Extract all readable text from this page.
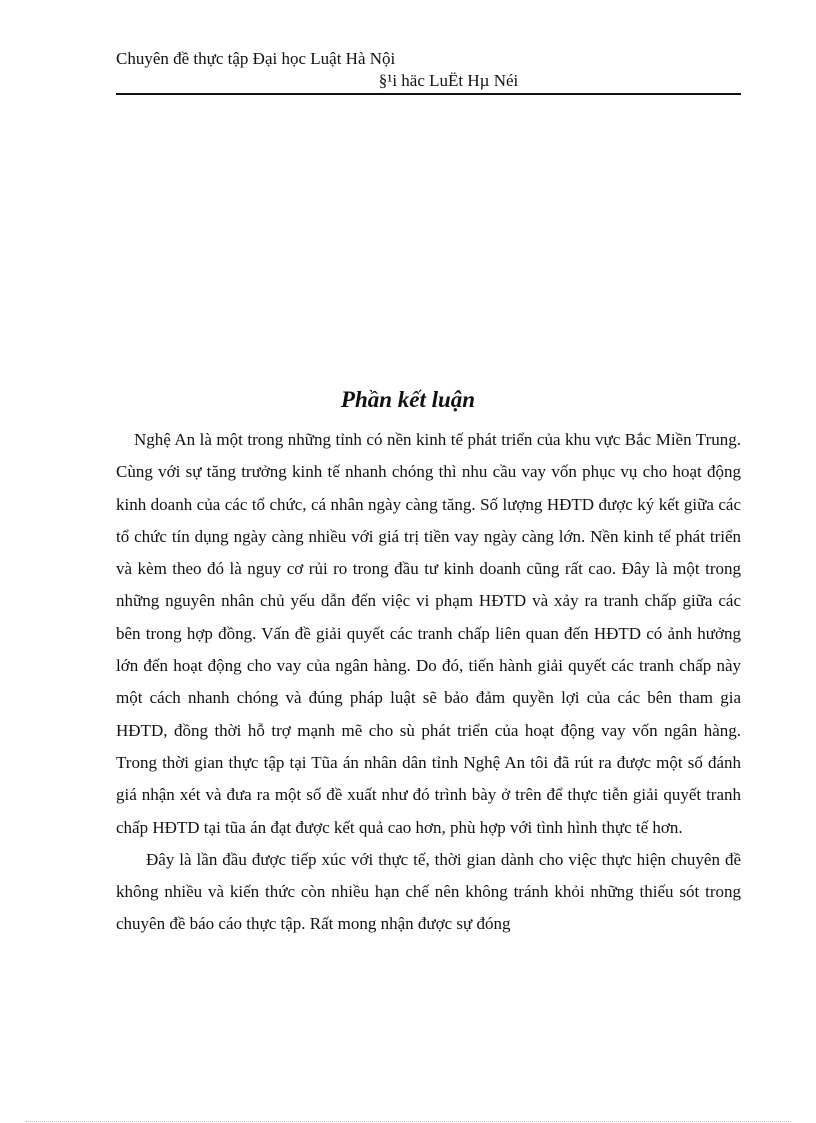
Chuyên đề thực tập Đại học Luật Hà Nội
§¹i häc LuËt Hµ Néi
Phần kết luận

Nghệ An là một trong những tỉnh có nền kinh tế phát triển của khu vực Bắc Miền Trung. Cùng với sự tăng trưởng kinh tế nhanh chóng thì nhu cầu vay vốn phục vụ cho hoạt động kinh doanh của các tổ chức, cá nhân ngày càng tăng. Số lượng HĐTD được ký kết giữa các tổ chức tín dụng ngày càng nhiều với giá trị tiền vay ngày càng lớn. Nền kinh tế phát triển và kèm theo đó là nguy cơ rủi ro trong đầu tư kinh doanh cũng rất cao. Đây là một trong những nguyên nhân chủ yếu dẫn đến việc vi phạm HĐTD và xảy ra tranh chấp giữa các bên trong hợp đồng. Vấn đề giải quyết các tranh chấp liên quan đến HĐTD có ảnh hưởng lớn đến hoạt động cho vay của ngân hàng. Do đó, tiến hành giải quyết các tranh chấp này một cách nhanh chóng và đúng pháp luật sẽ bảo đảm quyền lợi của các bên tham gia HĐTD, đồng thời hỗ trợ mạnh mẽ cho sù phát triển của hoạt động vay vốn ngân hàng. Trong thời gian thực tập tại Tũa án nhân dân tỉnh Nghệ An tôi đã rút ra được một số đánh giá nhận xét và đưa ra một số đề xuất như đó trình bày ở trên để thực tiễn giải quyết tranh chấp HĐTD tại tũa án đạt được kết quả cao hơn, phù hợp với tình hình thực tế hơn.

Đây là lần đầu được tiếp xúc với thực tế, thời gian dành cho việc thực hiện chuyên đề không nhiều và kiến thức còn nhiều hạn chế nên không tránh khỏi những thiếu sót trong chuyên đề báo cáo thực tập. Rất mong nhận được sự đóng
